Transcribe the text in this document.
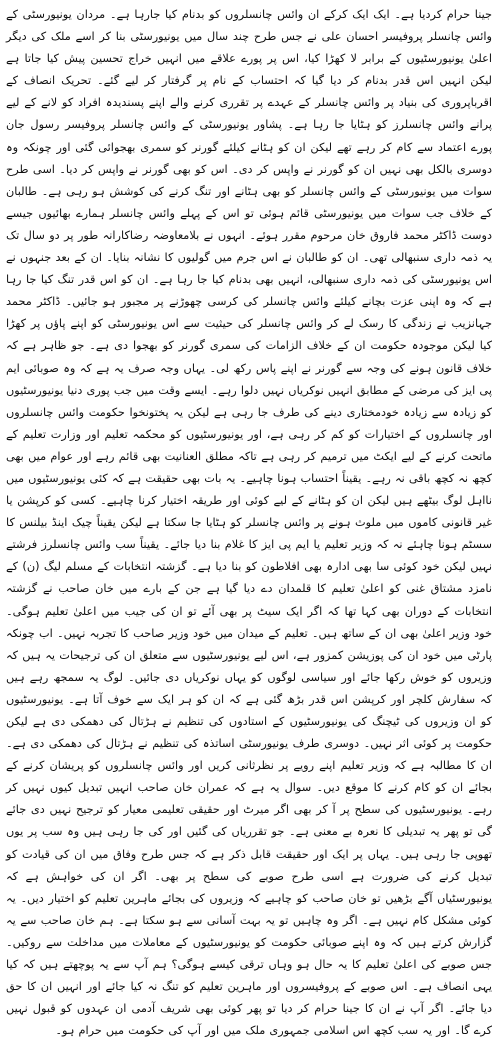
جینا حرام کردیا ہے۔ ایک ایک کرکے ان وائس چانسلروں کو بدنام کیا جارہا ہے۔ مردان یونیورسٹی کے وائس چانسلر پروفیسر احسان علی نے جس طرح چند سال میں یونیورسٹی بنا کر اسے ملک کی دیگر اعلیٰ یونیورسٹیوں کے برابر لا کھڑا کیا، اس پر پورے علاقے میں انہیں خراج تحسین پیش کیا جاتا ہے لیکن انہیں اس قدر بدنام کر دیا گیا کہ احتساب کے نام پر گرفتار کر لیے گئے۔ تحریک انصاف کے اقرباپروری کی بنیاد پر وائس چانسلر کے عہدے پر تقرری کرنے والے اپنے پسندیدہ افراد کو لانے کے لیے پرانے وائس چانسلرز کو ہٹایا جا رہا ہے۔ پشاور یونیورسٹی کے وائس چانسلر پروفیسر رسول جان پورے اعتماد سے کام کر رہے تھے لیکن ان کو ہٹانے کیلئے گورنر کو سمری بھجوائی گئی اور چونکہ وہ دوسری بالکل بھی نہیں ان کو گورنر نے واپس کر دی۔ اس کو بھی گورنر نے واپس کر دیا۔ اسی طرح سوات میں یونیورسٹی کے وائس چانسلر کو بھی ہٹانے اور تنگ کرنے کی کوشش ہو رہی ہے۔ طالبان کے خلاف جب سوات میں یونیورسٹی قائم ہوئی تو اس کے پہلے وائس چانسلر ہمارے بھائیوں جیسے دوست ڈاکٹر محمد فاروق خان مرحوم مقرر ہوئے۔ انہوں نے بلامعاوضہ رضاکارانہ طور پر دو سال تک یہ ذمہ داری سنبھالی تھی۔ ان کو طالبان نے اس جرم میں گولیوں کا نشانہ بنایا۔ ان کے بعد جنہوں نے اس یونیورسٹی کی ذمہ داری سنبھالی، انہیں بھی بدنام کیا جا رہا ہے۔ ان کو اس قدر تنگ کیا جا رہا ہے کہ وہ اپنی عزت بچانے کیلئے وائس چانسلر کی کرسی چھوڑنے پر مجبور ہو جائیں۔ ڈاکٹر محمد جہانزیب نے زندگی کا رسک لے کر وائس چانسلر کی حیثیت سے اس یونیورسٹی کو اپنے پاؤں پر کھڑا کیا لیکن موجودہ حکومت ان کے خلاف الزامات کی سمری گورنر کو بھجوا دی ہے۔ جو ظاہر ہے کہ خلاف قانون ہونے کی وجہ سے گورنر نے اپنے پاس رکھ لی۔ یہاں وجہ صرف یہ ہے کہ وہ صوبائی ایم پی ایز کی مرضی کے مطابق انہیں نوکریاں نہیں دلوا رہے۔ ایسے وقت میں جب پوری دنیا یونیورسٹیوں کو زیادہ سے زیادہ خودمختاری دینے کی طرف جا رہی ہے لیکن یہ پختونخوا حکومت وائس چانسلروں اور چانسلروں کے اختیارات کو کم کر رہی ہے، اور یونیورسٹیوں کو محکمہ تعلیم اور وزارت تعلیم کے ماتحت کرنے کے لیے ایکٹ میں ترمیم کر رہی ہے تاکہ مطلق العنانیت بھی قائم رہے اور عوام میں بھی کچھ نہ کچھ باقی نہ رہے۔ یقیناً احتساب ہونا چاہیے۔ یہ بات بھی حقیقت ہے کہ کئی یونیورسٹیوں میں نااہل لوگ بیٹھے ہیں لیکن ان کو ہٹانے کے لیے کوئی اور طریقہ اختیار کرنا چاہیے۔ کسی کو کرپشن یا غیر قانونی کاموں میں ملوث ہونے پر وائس چانسلر کو ہٹایا جا سکتا ہے لیکن یقیناً چیک اینڈ بیلنس کا سسٹم ہونا چاہئے نہ کہ وزیر تعلیم یا ایم پی ایز کا غلام بنا دیا جائے۔ یقیناً سب وائس چانسلرز فرشتے نہیں لیکن خود کوئی سا بھی ادارہ بھی افلاطون کو بنا دیا ہے۔ گزشتہ انتخابات کے مسلم لیگ (ن) کے نامزد مشتاق غنی کو اعلیٰ تعلیم کا قلمدان دے دیا گیا ہے جن کے بارے میں خان صاحب نے گزشتہ انتخابات کے دوران بھی کہا تھا کہ اگر ایک سیٹ پر بھی آئے تو ان کی جیب میں اعلیٰ تعلیم ہوگی۔ خود وزیر اعلیٰ بھی ان کے ساتھ ہیں۔ تعلیم کے میدان میں خود وزیر صاحب کا تجربہ نہیں۔ اب چونکہ پارٹی میں خود ان کی پوزیشن کمزور ہے، اس لیے یونیورسٹیوں سے متعلق ان کی ترجیحات یہ ہیں کہ وزیروں کو خوش رکھا جائے اور سیاسی لوگوں کو یہاں نوکریاں دی جائیں۔ لوگ یہ سمجھ رہے ہیں کہ سفارش کلچر اور کرپشن اس قدر بڑھ گئی ہے کہ ان کو ہر ایک سے خوف آتا ہے۔ یونیورسٹیوں کو ان وزیروں کی ٹیچنگ کی یونیورسٹیوں کے استادوں کی تنظیم نے ہڑتال کی دھمکی دی ہے لیکن حکومت پر کوئی اثر نہیں۔ دوسری طرف یونیورسٹی اساتذہ کی تنظیم نے ہڑتال کی دھمکی دی ہے۔ ان کا مطالبہ ہے کہ وزیر تعلیم اپنے رویے پر نظرثانی کریں اور وائس چانسلروں کو پریشان کرنے کے بجائے ان کو کام کرنے کا موقع دیں۔ سوال یہ ہے کہ عمران خان صاحب انہیں تبدیل کیوں نہیں کر رہے۔ یونیورسٹیوں کی سطح پر آ کر بھی اگر میرٹ اور حقیقی تعلیمی معیار کو ترجیح نہیں دی جائے گی تو پھر یہ تبدیلی کا نعرہ بے معنی ہے۔ جو تقرریاں کی گئیں اور کی جا رہی ہیں وہ سب پر یوں تھوپی جا رہی ہیں۔ یہاں پر ایک اور حقیقت قابل ذکر ہے کہ جس طرح وفاق میں ان کی قیادت کو تبدیل کرنے کی ضرورت ہے اسی طرح صوبے کی سطح پر بھی۔ اگر ان کی خواہش ہے کہ یونیورسٹیاں آگے بڑھیں تو خان صاحب کو چاہیے کہ وزیروں کی بجائے ماہرین تعلیم کو اختیار دیں۔ یہ کوئی مشکل کام نہیں ہے۔ اگر وہ چاہیں تو یہ بہت آسانی سے ہو سکتا ہے۔ ہم خان صاحب سے یہ گزارش کرتے ہیں کہ وہ اپنے صوبائی حکومت کو یونیورسٹیوں کے معاملات میں مداخلت سے روکیں۔ جس صوبے کی اعلیٰ تعلیم کا یہ حال ہو وہاں ترقی کیسے ہوگی؟ ہم آپ سے یہ پوچھتے ہیں کہ کیا یہی انصاف ہے۔ اس صوبے کے پروفیسروں اور ماہرین تعلیم کو تنگ نہ کیا جائے اور انہیں ان کا حق دیا جائے۔ اگر آپ نے ان کا جینا حرام کر دیا تو پھر کوئی بھی شریف آدمی ان عہدوں کو قبول نہیں کرے گا۔ اور یہ سب کچھ اس اسلامی جمہوری ملک میں اور آپ کی حکومت میں حرام ہو۔
